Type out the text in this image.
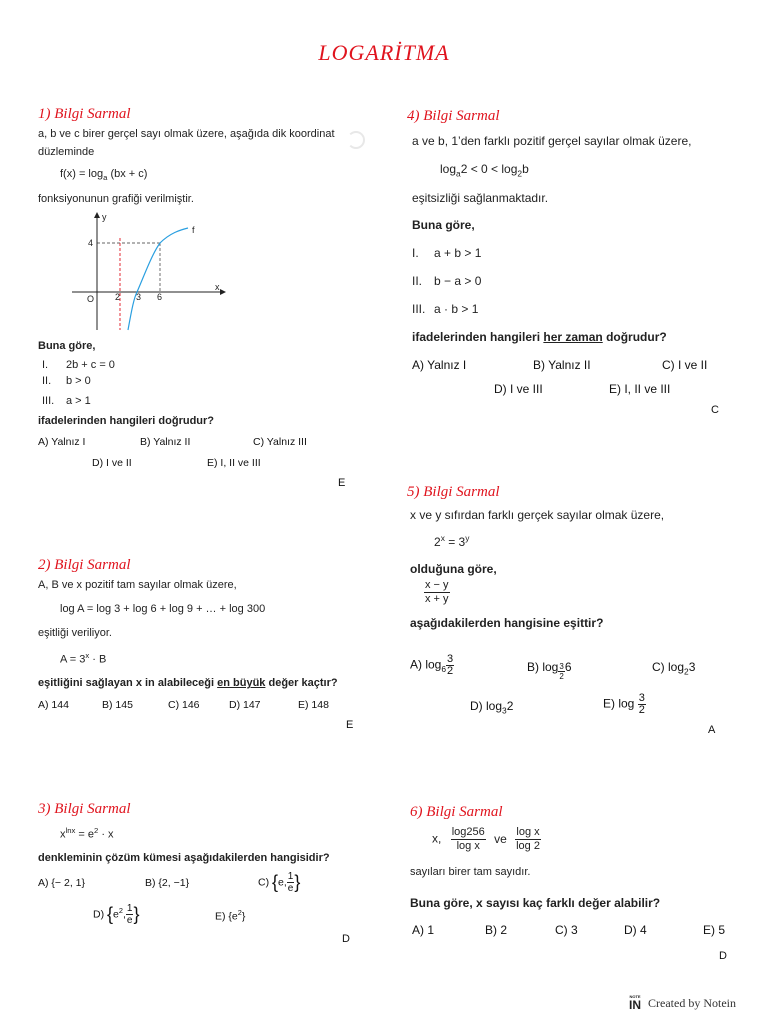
LOGARİTMA
1) Bilgi Sarmal
a, b ve c birer gerçel sayı olmak üzere, aşağıda dik koordinat
düzleminde
$f(x) = \log_a (bx + c)$
fonksiyonunun grafiği verilmiştir.
y
x
O
f
4
2 3 6
Buna göre,
I. 2b + c = 0
II. b > 0
III. a > 1
ifadelerinden hangileri doğrudur?
A) Yalnız I	B) Yalnız II	C) Yalnız III
D) I ve II	E) I, II ve III
E
2) Bilgi Sarmal
A, B ve x pozitif tam sayılar olmak üzere,
log A = log 3 + log 6 + log 9 + … + log 300
eşitliği veriliyor.
$A = 3^x \cdot B$
eşitliğini sağlayan x in alabileceği en büyük değer kaçtır?
A) 144	B) 145	C) 146	D) 147	E) 148
E
3) Bilgi Sarmal
$x^{lnx} = e^2 \cdot x$
denkleminin çözüm kümesi aşağıdakilerden hangisidir?
A) {− 2, 1}	B) {2, −1}	C) {e, $\frac{1}{e}$ }
D) {$e^2$, $\frac{1}{e}$ }	E) $\{e^2\}$
D
4) Bilgi Sarmal
a ve b, 1’den farklı pozitif gerçel sayılar olmak üzere,
$\log_a2 < 0 < \log_2b$
eşitsizliği sağlanmaktadır.
Buna göre,
I. a + b > 1
II. b − a > 0
III. a · b > 1
ifadelerinden hangileri her zaman doğrudur?
A) Yalnız I	B) Yalnız II	C) I ve II
D) I ve III	E) I, II ve III
C
5) Bilgi Sarmal
x ve y sıfırdan farklı gerçek sayılar olmak üzere,
$2^x = 3^y$
olduğuna göre,
$\frac{x - y}{x + y}$
aşağıdakilerden hangisine eşittir?
A) $\log_6 \frac{3}{2}$	B) $\log \frac{3}{2} 6$	C) $\log_23$
D) $\log_32$	E) $\log \frac{3}{2}$
A
6) Bilgi Sarmal
x, $\frac{\log 256}{\text{log x}}$ ve $\frac{\text{log x}}{\log 2}$
sayıları birer tam sayıdır.
Buna göre, x sayısı kaç farklı değer alabilir?
A) 1	B) 2	C) 3	D) 4	E) 5
D
NOTE
IN Created by Notein
